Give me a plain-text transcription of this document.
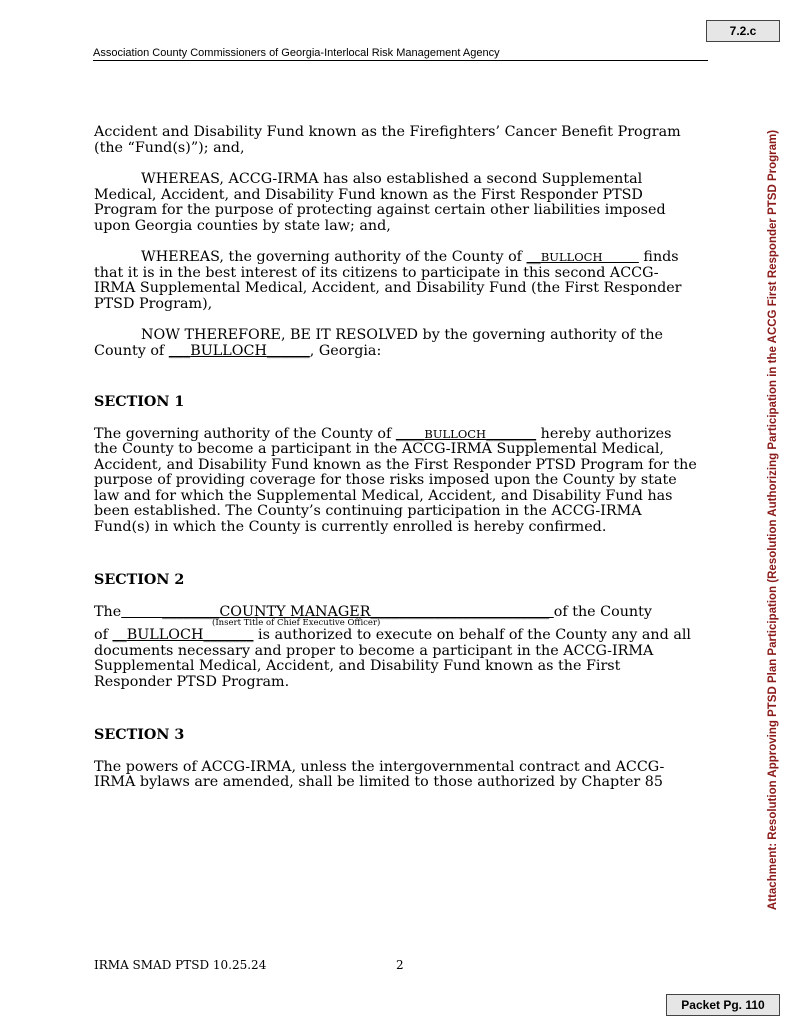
7.2.c
Association County Commissioners of Georgia-Interlocal Risk Management Agency
Attachment: Resolution Approving PTSD Plan Participation (Resolution Authorizing Participation in the ACCG First Responder PTSD Program)

Accident and Disability Fund known as the Firefighters’ Cancer Benefit Program (the “Fund(s)”); and,

WHEREAS, ACCG-IRMA has also established a second Supplemental Medical, Accident, and Disability Fund known as the First Responder PTSD Program for the purpose of protecting against certain other liabilities imposed upon Georgia counties by state law; and,

WHEREAS, the governing authority of the County of __BULLOCH	finds that it is in the best interest of its citizens to participate in this second ACCG-IRMA Supplemental Medical, Accident, and Disability Fund (the First Responder PTSD Program),

NOW THEREFORE, BE IT RESOLVED by the governing authority of the County of ___BULLOCH______, Georgia:

SECTION 1

The governing authority of the County of ____BULLOCH_______ hereby authorizes the County to become a participant in the ACCG-IRMA Supplemental Medical, Accident, and Disability Fund known as the First Responder PTSD Program for the purpose of providing coverage for those risks imposed upon the County by state law and for which the Supplemental Medical, Accident, and Disability Fund has been established. The County’s continuing participation in the ACCG-IRMA Fund(s) in which the County is currently enrolled is hereby confirmed.

SECTION 2
The         ________COUNTY MANAGER_________________________ of the County
(Insert Title of Chief Executive Officer)

of __BULLOCH_______ is authorized to execute on behalf of the County any and all documents necessary and proper to become a participant in the ACCG-IRMA Supplemental Medical, Accident, and Disability Fund known as the First Responder PTSD Program.

SECTION 3

The powers of ACCG-IRMA, unless the intergovernmental contract and ACCG-IRMA bylaws are amended, shall be limited to those authorized by Chapter 85

IRMA SMAD PTSD 10.25.24	2
Packet Pg. 110
